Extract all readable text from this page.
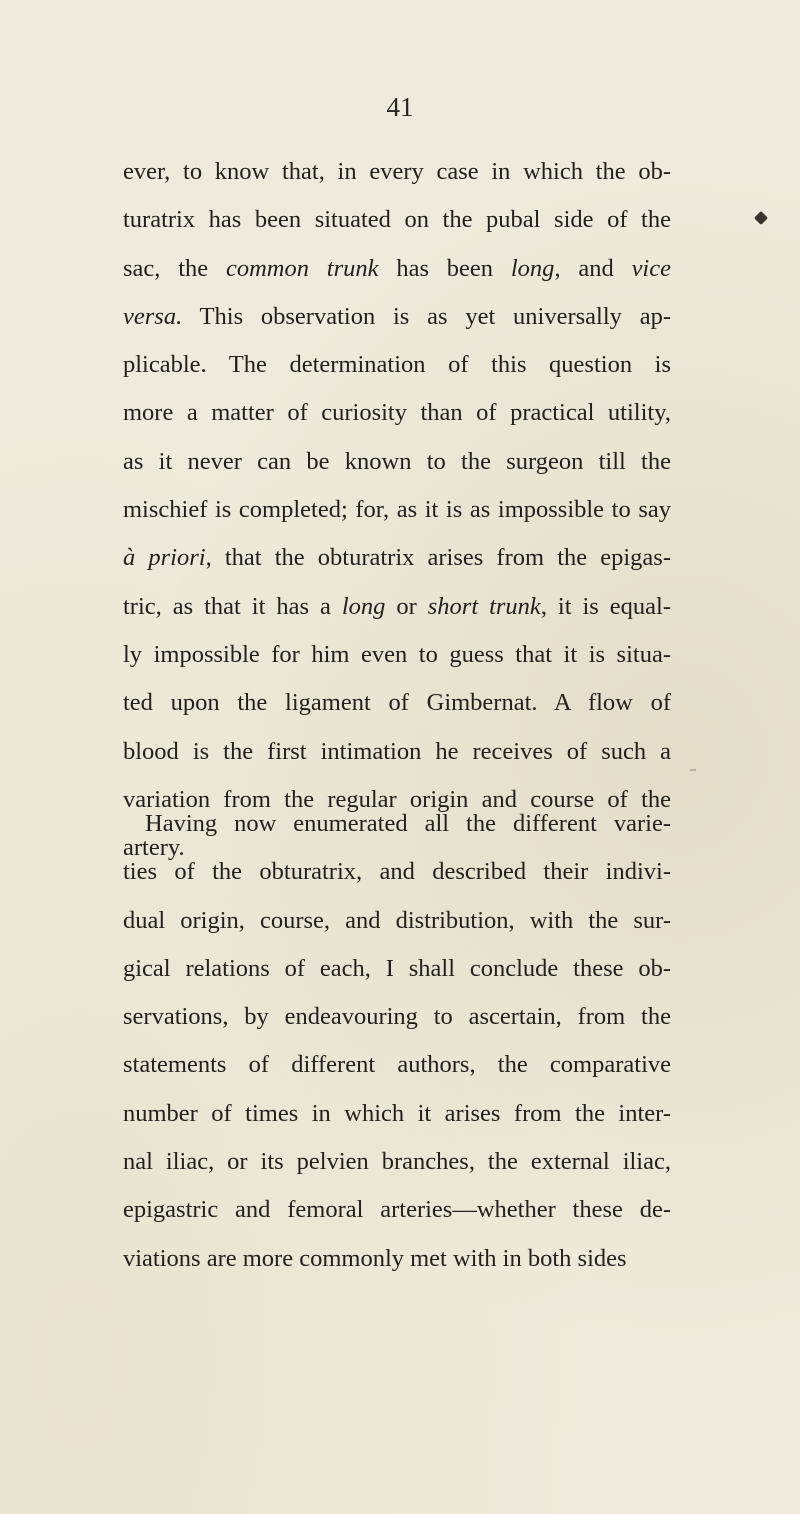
41

ever, to know that, in every case in which the ob-
turatrix has been situated on the pubal side of the
sac, the common trunk has been long, and vice
versa. This observation is as yet universally ap-
plicable. The determination of this question is
more a matter of curiosity than of practical utility,
as it never can be known to the surgeon till the
mischief is completed; for, as it is as impossible to say
à priori, that the obturatrix arises from the epigas-
tric, as that it has a long or short trunk, it is equal-
ly impossible for him even to guess that it is situa-
ted upon the ligament of Gimbernat. A flow of
blood is the first intimation he receives of such a
variation from the regular origin and course of the
artery.
Having now enumerated all the different varie-
ties of the obturatrix, and described their indivi-
dual origin, course, and distribution, with the sur-
gical relations of each, I shall conclude these ob-
servations, by endeavouring to ascertain, from the
statements of different authors, the comparative
number of times in which it arises from the inter-
nal iliac, or its pelvien branches, the external iliac,
epigastric and femoral arteries—whether these de-
viations are more commonly met with in both sides
